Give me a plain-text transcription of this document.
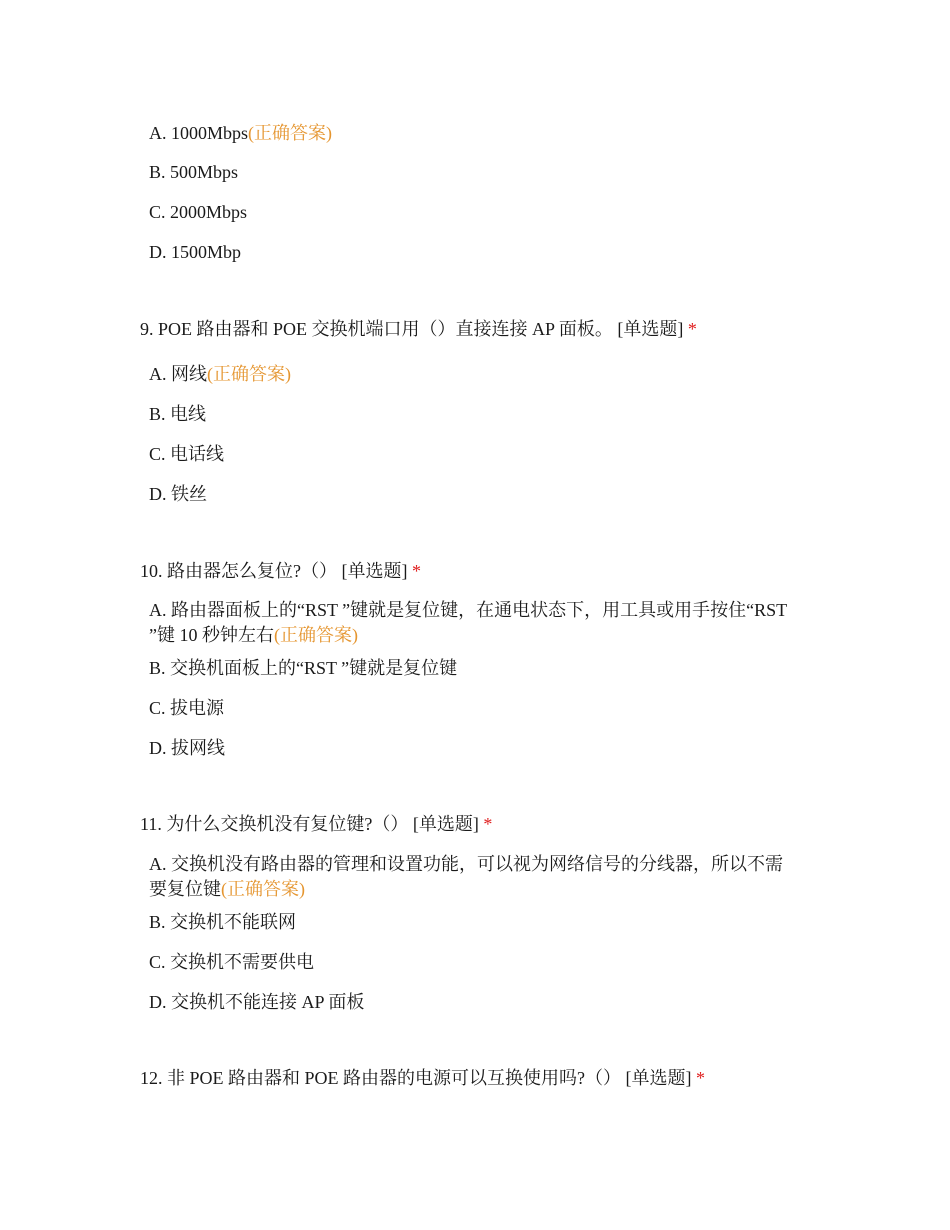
A. 1000Mbps(正确答案)
B. 500Mbps
C. 2000Mbps
D. 1500Mbp
9. POE 路由器和 POE 交换机端口用（）直接连接 AP 面板。 [单选题] *
A. 网线(正确答案)
B. 电线
C. 电话线
D. 铁丝
10. 路由器怎么复位?（） [单选题] *
A. 路由器面板上的“RST ”键就是复位键，在通电状态下，用工具或用手按住“RST ”键 10 秒钟左右(正确答案)
B. 交换机面板上的“RST ”键就是复位键
C. 拔电源
D. 拔网线
11. 为什么交换机没有复位键?（） [单选题] *
A. 交换机没有路由器的管理和设置功能，可以视为网络信号的分线器，所以不需要复位键(正确答案)
B. 交换机不能联网
C. 交换机不需要供电
D. 交换机不能连接 AP 面板
12. 非 POE 路由器和 POE 路由器的电源可以互换使用吗?（） [单选题] *
